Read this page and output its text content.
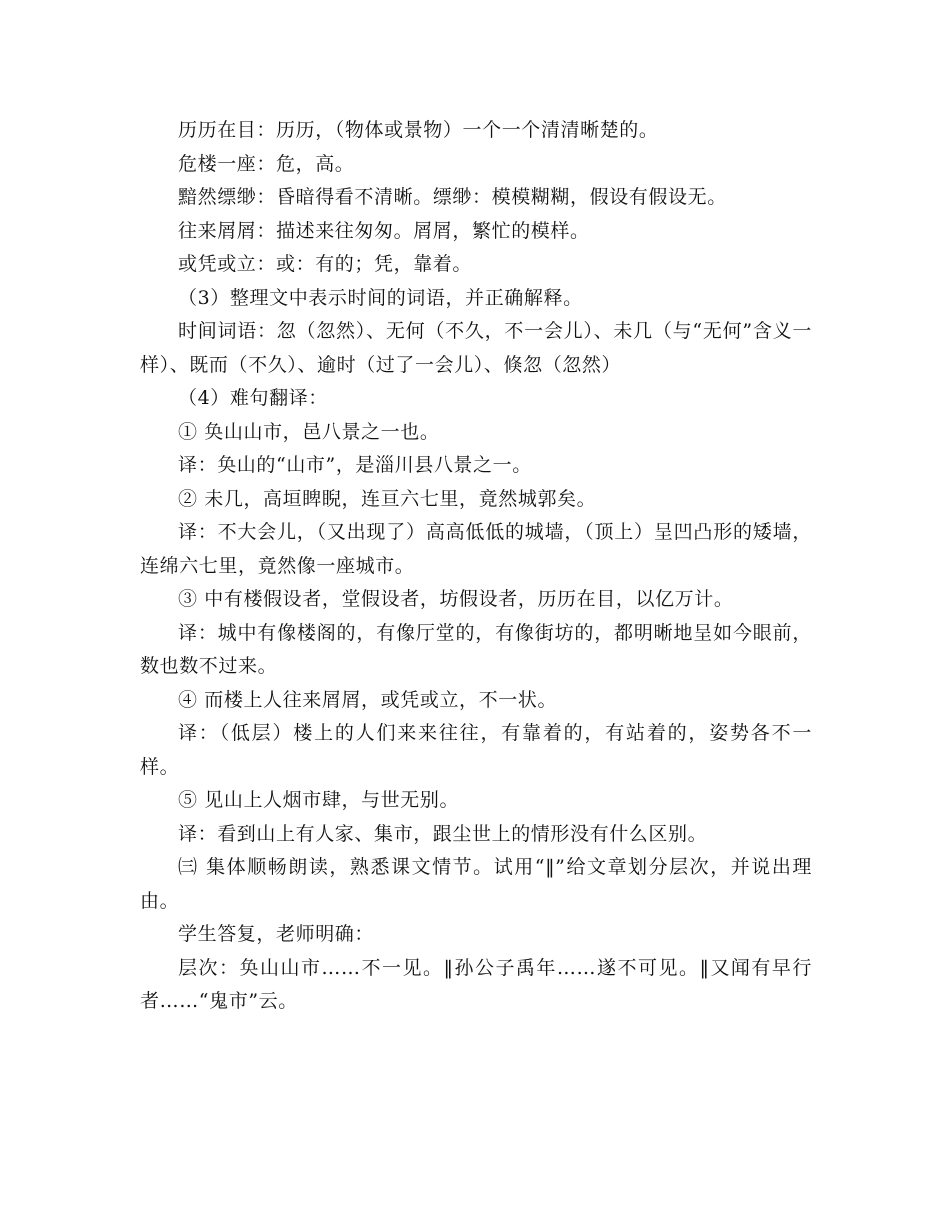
历历在目：历历，（物体或景物）一个一个清清晰楚的。

危楼一座：危，高。

黯然缥缈：昏暗得看不清晰。缥缈：模模糊糊，假设有假设无。

往来屑屑：描述来往匆匆。屑屑，繁忙的模样。

或凭或立：或：有的；凭，靠着。

（3）整理文中表示时间的词语，并正确解释。

时间词语：忽（忽然）、无何（不久，不一会儿）、未几（与“无何”含义一样）、既而（不久）、逾时（过了一会儿）、倏忽（忽然）

（4）难句翻译：

① 奂山山市，邑八景之一也。

译：奂山的“山市”，是淄川县八景之一。

② 未几，高垣睥睨，连亘六七里，竟然城郭矣。

译：不大会儿，（又出现了）高高低低的城墙，（顶上）呈凹凸形的矮墙，连绵六七里，竟然像一座城市。

③ 中有楼假设者，堂假设者，坊假设者，历历在目，以亿万计。

译：城中有像楼阁的，有像厅堂的，有像街坊的，都明晰地呈如今眼前，数也数不过来。

④ 而楼上人往来屑屑，或凭或立，不一状。

译：（低层）楼上的人们来来往往，有靠着的，有站着的，姿势各不一样。

⑤ 见山上人烟市肆，与世无别。

译：看到山上有人家、集市，跟尘世上的情形没有什么区别。

㈢ 集体顺畅朗读，熟悉课文情节。试用“‖”给文章划分层次，并说出理由。

学生答复，老师明确：

层次：奂山山市……不一见。‖孙公子禹年……遂不可见。‖又闻有早行者……“鬼市”云。
